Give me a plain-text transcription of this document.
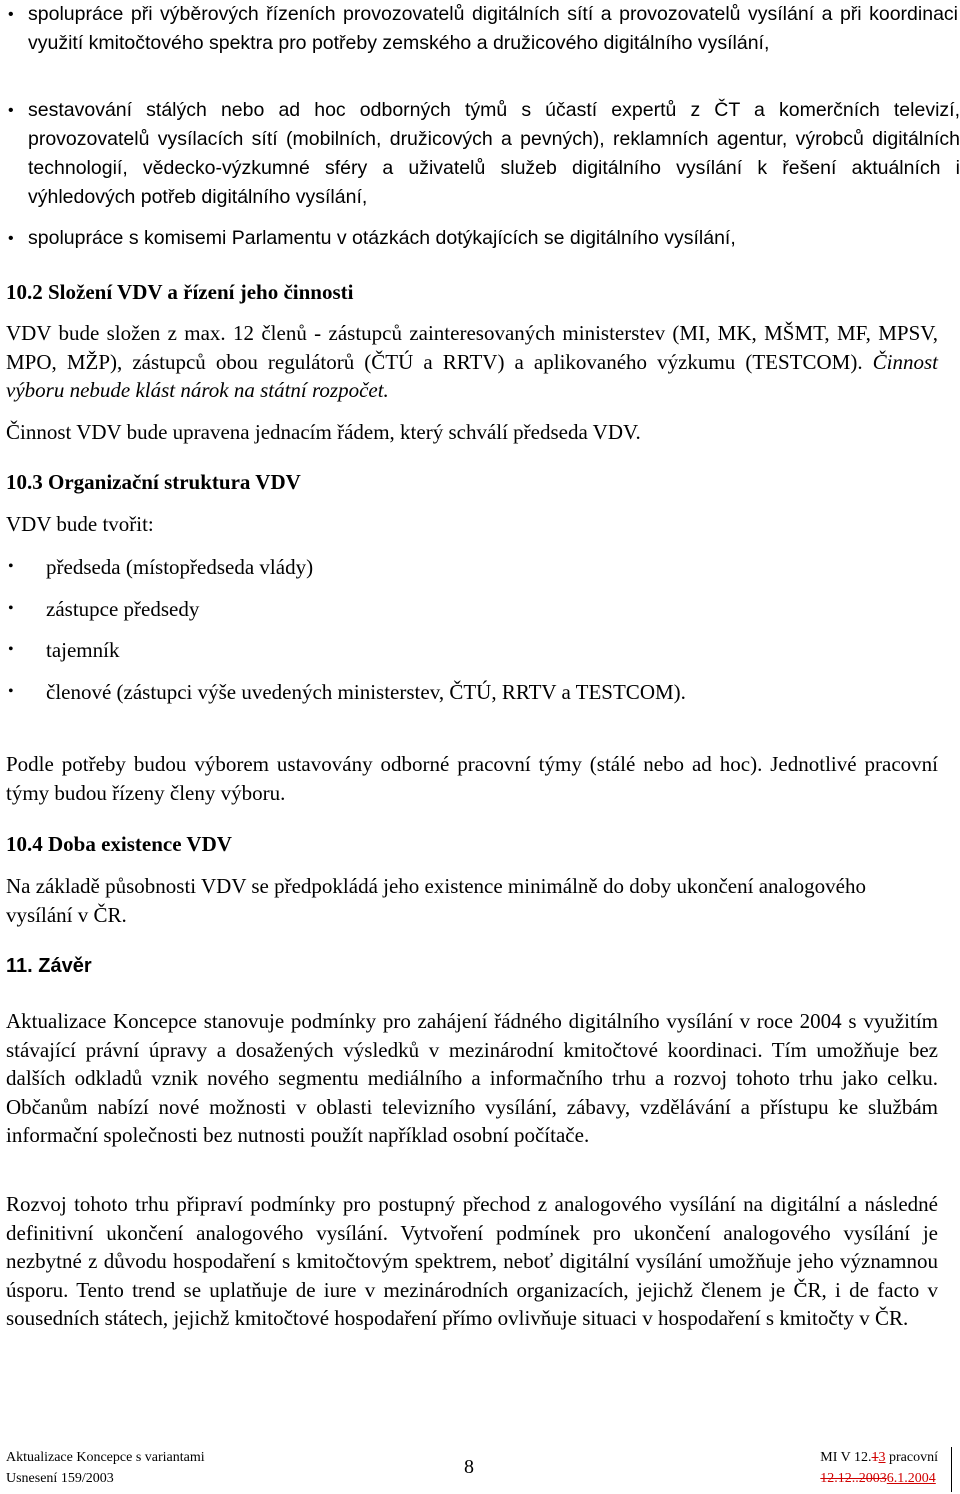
• spolupráce při výběrových řízeních provozovatelů digitálních sítí a provozovatelů vysílání a při koordinaci využití kmitočtového spektra pro potřeby zemského a družicového digitálního vysílání,
• sestavování stálých nebo ad hoc odborných týmů s účastí expertů z ČT a komerčních televizí, provozovatelů vysílacích sítí (mobilních, družicových a pevných), reklamních agentur, výrobců digitálních technologií, vědecko-výzkumné sféry a uživatelů služeb digitálního vysílání k řešení aktuálních i výhledových potřeb digitálního vysílání,
• spolupráce s komisemi Parlamentu v otázkách dotýkajících se digitálního vysílání,
10.2 Složení VDV a řízení jeho činnosti

VDV bude složen z max. 12 členů - zástupců zainteresovaných ministerstev (MI, MK, MŠMT, MF, MPSV, MPO, MŽP), zástupců obou regulátorů (ČTÚ a RRTV) a aplikovaného výzkumu (TESTCOM). Činnost výboru nebude klást nárok na státní rozpočet.

Činnost VDV bude upravena jednacím řádem, který schválí předseda VDV.

10.3 Organizační struktura VDV

VDV bude tvořit:

• předseda (místopředseda vlády)
• zástupce předsedy
• tajemník
• členové (zástupci výše uvedených ministerstev, ČTÚ, RRTV a TESTCOM).

Podle potřeby budou výborem ustavovány odborné pracovní týmy (stálé nebo ad hoc). Jednotlivé pracovní týmy budou řízeny členy výboru.

10.4 Doba existence VDV

Na základě působnosti VDV se předpokládá jeho existence minimálně do doby ukončení analogového vysílání v ČR.

11. Závěr

Aktualizace Koncepce stanovuje podmínky pro zahájení řádného digitálního vysílání v roce 2004 s využitím stávající právní úpravy a dosažených výsledků v mezinárodní kmitočtové koordinaci. Tím umožňuje bez dalších odkladů vznik nového segmentu mediálního a informačního trhu a rozvoj tohoto trhu jako celku. Občanům nabízí nové možnosti v oblasti televizního vysílání, zábavy, vzdělávání a přístupu ke službám informační společnosti bez nutnosti použít například osobní počítače.

Rozvoj tohoto trhu připraví podmínky pro postupný přechod z analogového vysílání na digitální a následné definitivní ukončení analogového vysílání. Vytvoření podmínek pro ukončení analogového vysílání je nezbytné z důvodu hospodaření s kmitočtovým spektrem, neboť digitální vysílání umožňuje jeho významnou úsporu. Tento trend se uplatňuje de iure v mezinárodních organizacích, jejichž členem je ČR, i de facto v sousedních státech, jejichž kmitočtové hospodaření přímo ovlivňuje situaci v hospodaření s kmitočty v ČR.

Aktualizace Koncepce s variantami
Usnesení 159/2003
8	MI V 12.13 pracovní
12.12..20036.1.2004
